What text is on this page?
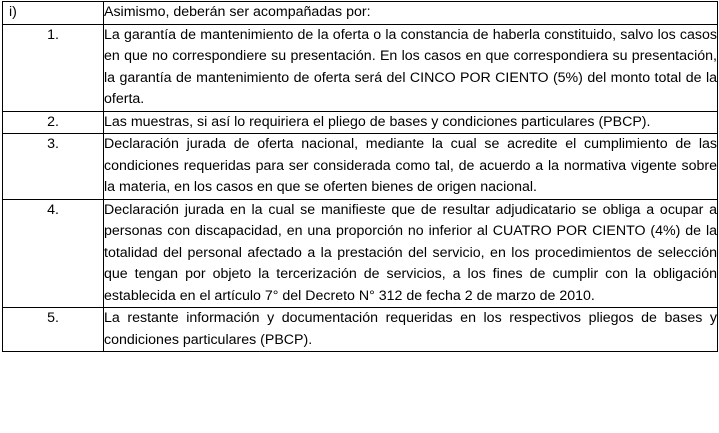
i)	Asimismo, deberán ser acompañadas por:
1.	La garantía de mantenimiento de la oferta o la constancia de haberla constituido, salvo los casos en que no correspondiere su presentación. En los casos en que correspondiera su presentación, la garantía de mantenimiento de oferta será del CINCO POR CIENTO (5%) del monto total de la oferta.
2.	Las muestras, si así lo requiriera el pliego de bases y condiciones particulares (PBCP).
3.	Declaración jurada de oferta nacional, mediante la cual se acredite el cumplimiento de las condiciones requeridas para ser considerada como tal, de acuerdo a la normativa vigente sobre la materia, en los casos en que se oferten bienes de origen nacional.
4.	Declaración jurada en la cual se manifieste que de resultar adjudicatario se obliga a ocupar a personas con discapacidad, en una proporción no inferior al CUATRO POR CIENTO (4%) de la totalidad del personal afectado a la prestación del servicio, en los procedimientos de selección que tengan por objeto la tercerización de servicios, a los fines de cumplir con la obligación establecida en el artículo 7° del Decreto N° 312 de fecha 2 de marzo de 2010.
5.	La restante información y documentación requeridas en los respectivos pliegos de bases y condiciones particulares (PBCP).
